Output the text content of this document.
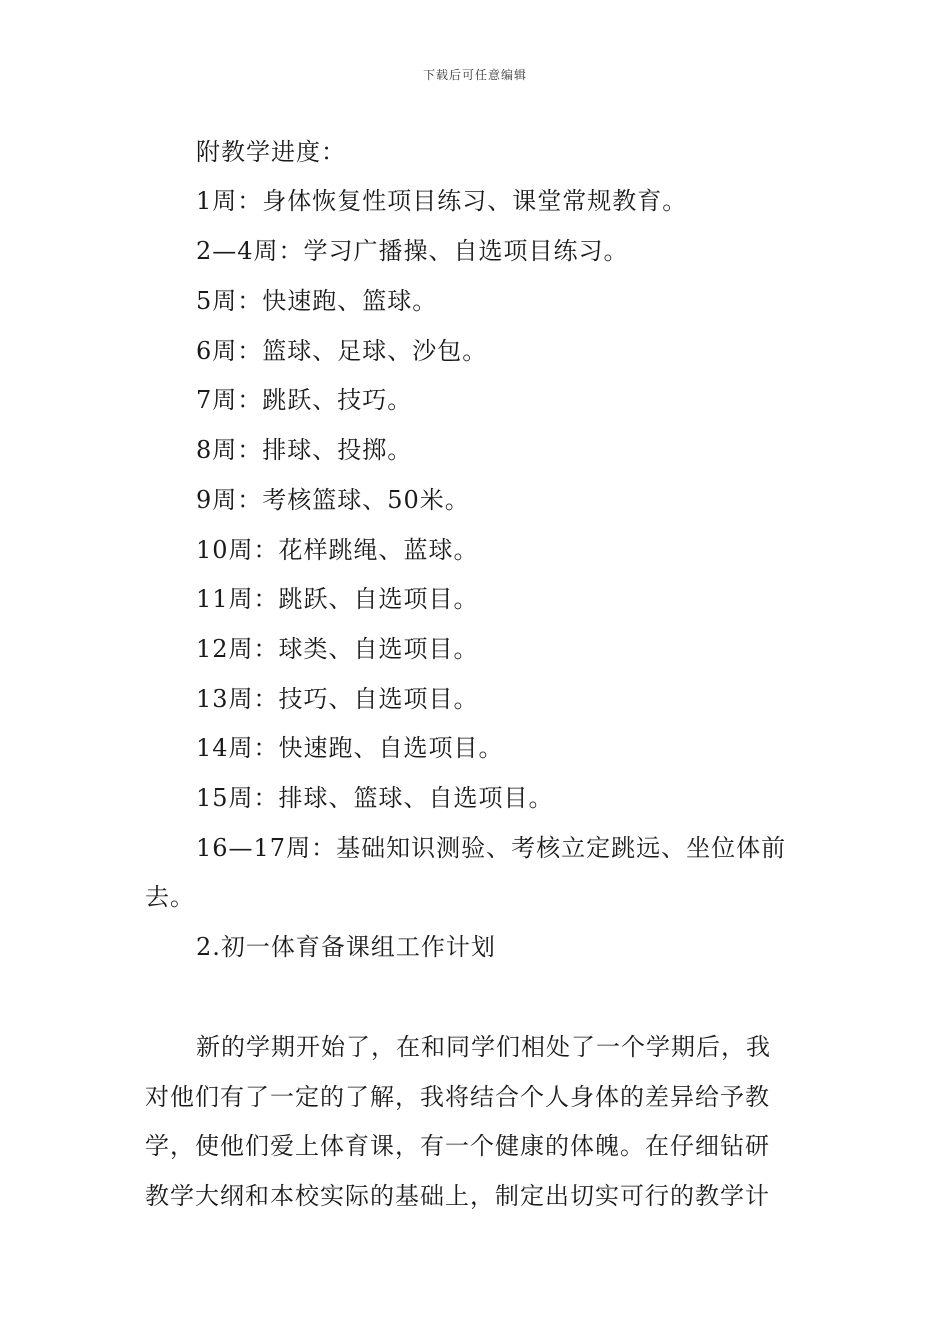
下载后可任意编辑
附教学进度：
1周：身体恢复性项目练习、课堂常规教育。
2—4周：学习广播操、自选项目练习。
5周：快速跑、篮球。
6周：篮球、足球、沙包。
7周：跳跃、技巧。
8周：排球、投掷。
9周：考核篮球、50米。
10周：花样跳绳、蓝球。
11周：跳跃、自选项目。
12周：球类、自选项目。
13周：技巧、自选项目。
14周：快速跑、自选项目。
15周：排球、篮球、自选项目。
16—17周：基础知识测验、考核立定跳远、坐位体前
去。
2.初一体育备课组工作计划
新的学期开始了，在和同学们相处了一个学期后，我
对他们有了一定的了解，我将结合个人身体的差异给予教
学，使他们爱上体育课，有一个健康的体魄。在仔细钻研
教学大纲和本校实际的基础上，制定出切实可行的教学计
